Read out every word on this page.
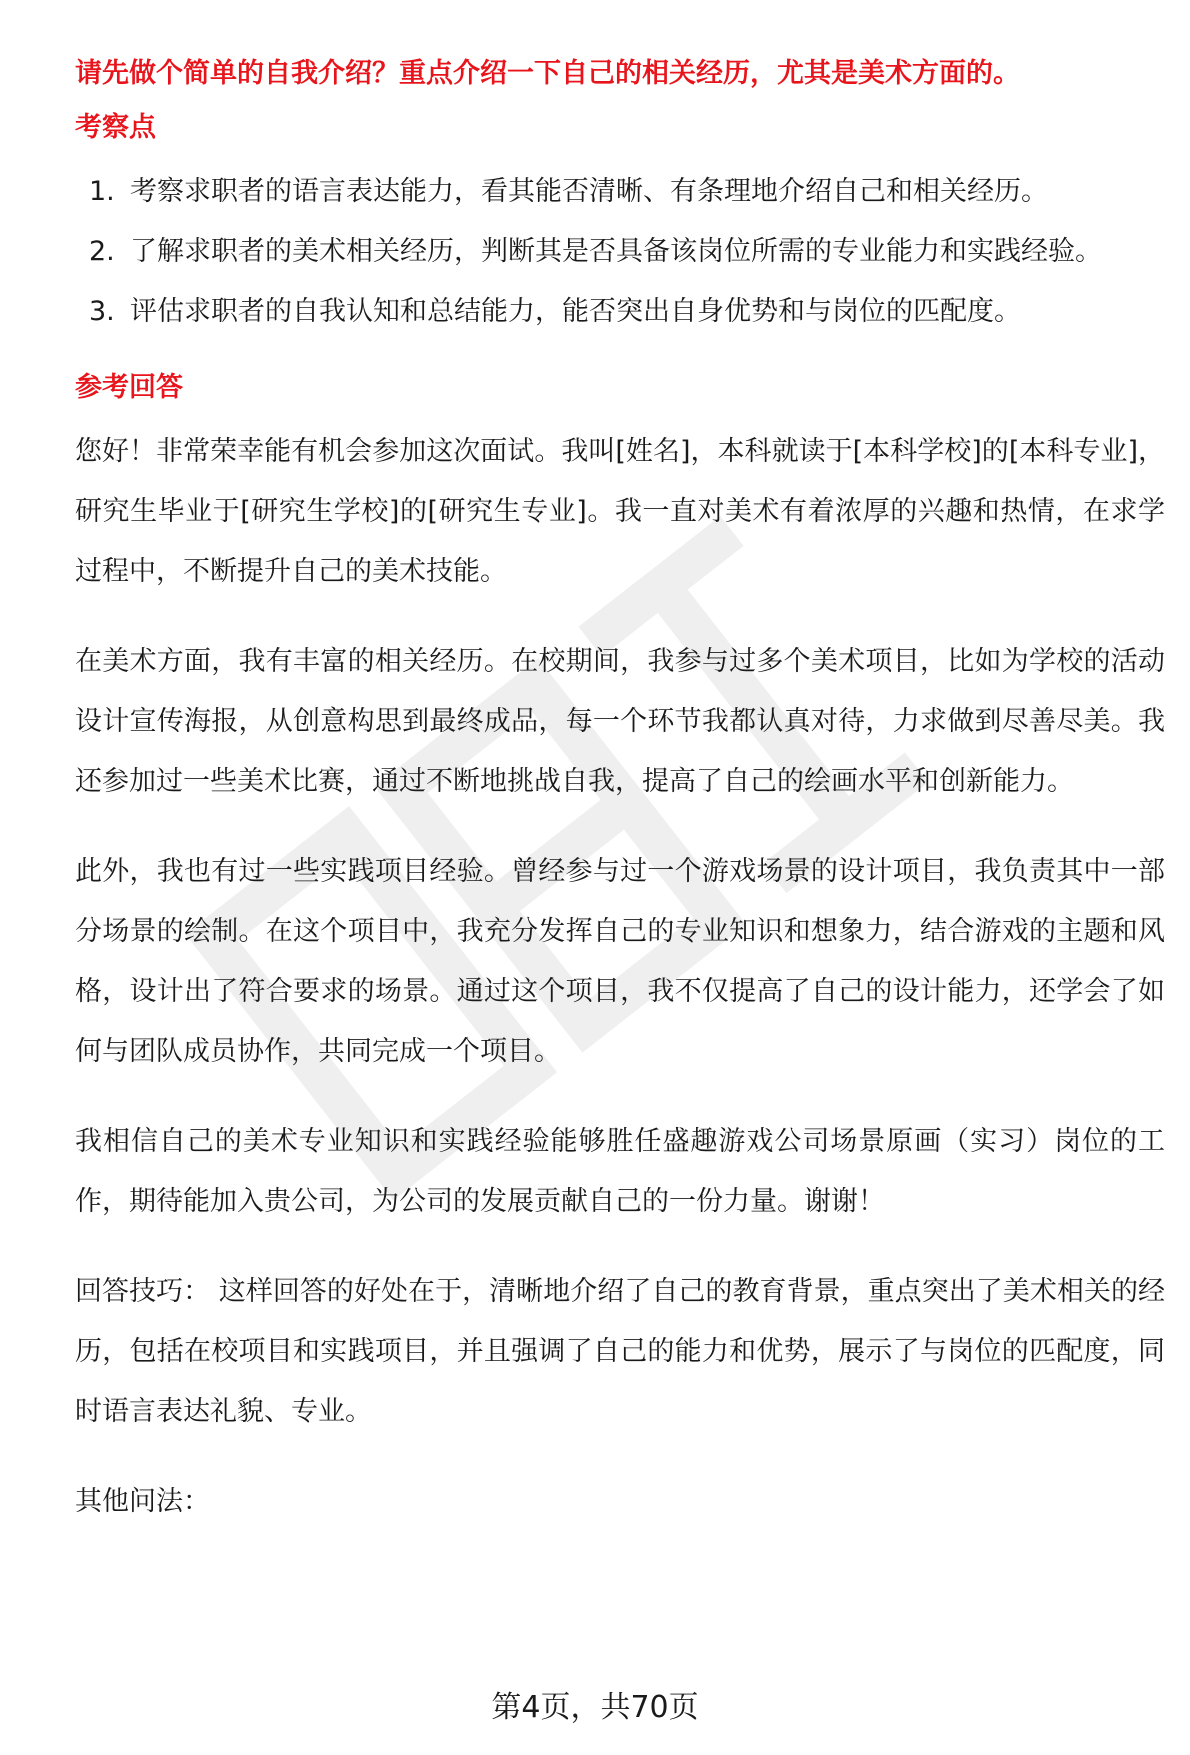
请先做个简单的自我介绍？重点介绍一下自己的相关经历，尤其是美术方面的。
考察点
1. 考察求职者的语言表达能力，看其能否清晰、有条理地介绍自己和相关经历。
2. 了解求职者的美术相关经历，判断其是否具备该岗位所需的专业能力和实践经验。
3. 评估求职者的自我认知和总结能力，能否突出自身优势和与岗位的匹配度。
参考回答

您好！非常荣幸能有机会参加这次面试。我叫[姓名]，本科就读于[本科学校]的[本科专业]，研究生毕业于[研究生学校]的[研究生专业]。我一直对美术有着浓厚的兴趣和热情，在求学过程中，不断提升自己的美术技能。

在美术方面，我有丰富的相关经历。在校期间，我参与过多个美术项目，比如为学校的活动设计宣传海报，从创意构思到最终成品，每一个环节我都认真对待，力求做到尽善尽美。我还参加过一些美术比赛，通过不断地挑战自我，提高了自己的绘画水平和创新能力。

此外，我也有过一些实践项目经验。曾经参与过一个游戏场景的设计项目，我负责其中一部分场景的绘制。在这个项目中，我充分发挥自己的专业知识和想象力，结合游戏的主题和风格，设计出了符合要求的场景。通过这个项目，我不仅提高了自己的设计能力，还学会了如何与团队成员协作，共同完成一个项目。

我相信自己的美术专业知识和实践经验能够胜任盛趣游戏公司场景原画（实习）岗位的工作，期待能加入贵公司，为公司的发展贡献自己的一份力量。谢谢！

回答技巧： 这样回答的好处在于，清晰地介绍了自己的教育背景，重点突出了美术相关的经历，包括在校项目和实践项目，并且强调了自己的能力和优势，展示了与岗位的匹配度，同时语言表达礼貌、专业。

其他问法：

第4页，共70页
